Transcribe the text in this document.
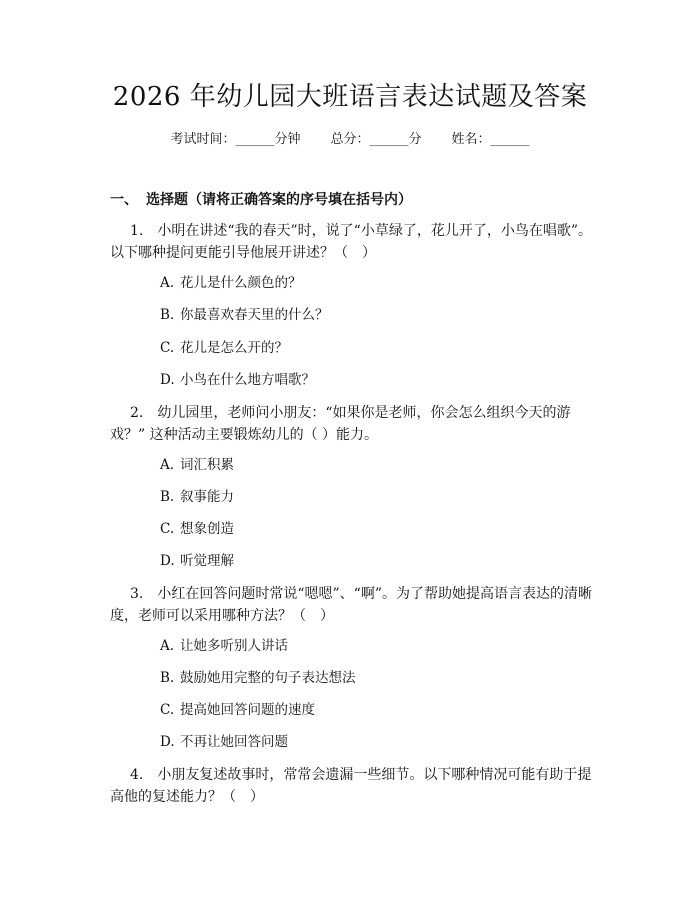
2026 年幼儿园大班语言表达试题及答案
考试时间：______分钟 总分：______分 姓名：______
一、 选择题（请将正确答案的序号填在括号内）
1.　小明在讲述“我的春天”时，说了“小草绿了，花儿开了，小鸟在唱歌”。以下哪种提问更能引导他展开讲述？（　）
A. 花儿是什么颜色的？
B. 你最喜欢春天里的什么？
C. 花儿是怎么开的？
D. 小鸟在什么地方唱歌？
2.　幼儿园里，老师问小朋友：“如果你是老师，你会怎么组织今天的游戏？” 这种活动主要锻炼幼儿的（ ）能力。
A. 词汇积累
B. 叙事能力
C. 想象创造
D. 听觉理解
3.　小红在回答问题时常说“嗯嗯”、“啊”。为了帮助她提高语言表达的清晰度，老师可以采用哪种方法？（　）
A. 让她多听别人讲话
B. 鼓励她用完整的句子表达想法
C. 提高她回答问题的速度
D. 不再让她回答问题
4.　小朋友复述故事时，常常会遗漏一些细节。以下哪种情况可能有助于提高他的复述能力？（　）
